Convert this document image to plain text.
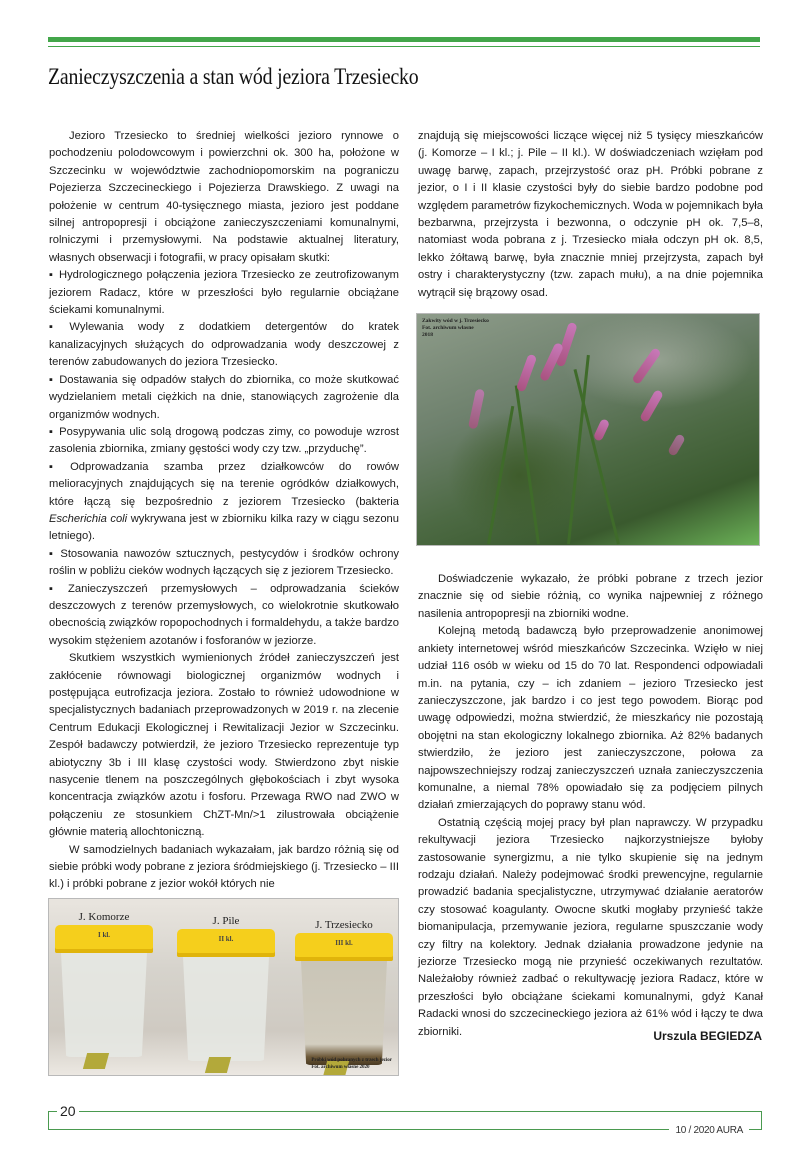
Zanieczyszczenia a stan wód jeziora Trzesiecko

Jezioro Trzesiecko to średniej wielkości jezioro rynnowe o pochodzeniu polodowcowym i powierzchni ok. 300 ha, położone w Szczecinku w województwie zachodniopomorskim na pograniczu Pojezierza Szczecineckiego i Pojezierza Drawskiego. Z uwagi na położenie w centrum 40-tysięcznego miasta, jezioro jest poddane silnej antropopresji i obciążone zanieczyszczeniami komunalnymi, rolniczymi i przemysłowymi. Na podstawie aktualnej literatury, własnych obserwacji i fotografii, w pracy opisałam skutki:

▪ Hydrologicznego połączenia jeziora Trzesiecko ze zeutrofizowanym jeziorem Radacz, które w przeszłości było regularnie obciążane ściekami komunalnymi.

▪ Wylewania wody z dodatkiem detergentów do kratek kanalizacyjnych służących do odprowadzania wody deszczowej z terenów zabudowanych do jeziora Trzesiecko.

▪ Dostawania się odpadów stałych do zbiornika, co może skutkować wydzielaniem metali ciężkich na dnie, stanowiących zagrożenie dla organizmów wodnych.

▪ Posypywania ulic solą drogową podczas zimy, co powoduje wzrost zasolenia zbiornika, zmiany gęstości wody czy tzw. „przyduchę”.

▪ Odprowadzania szamba przez działkowców do rowów melioracyjnych znajdujących się na terenie ogródków działkowych, które łączą się bezpośrednio z jeziorem Trzesiecko (bakteria Escherichia coli wykrywana jest w zbiorniku kilka razy w ciągu sezonu letniego).

▪ Stosowania nawozów sztucznych, pestycydów i środków ochrony roślin w pobliżu cieków wodnych łączących się z jeziorem Trzesiecko.

▪ Zanieczyszczeń przemysłowych – odprowadzania ścieków deszczowych z terenów przemysłowych, co wielokrotnie skutkowało obecnością związków ropopochodnych i formaldehydu, a także bardzo wysokim stężeniem azotanów i fosforanów w jeziorze.

Skutkiem wszystkich wymienionych źródeł zanieczyszczeń jest zakłócenie równowagi biologicznej organizmów wodnych i postępująca eutrofizacja jeziora. Zostało to również udowodnione w specjalistycznych badaniach przeprowadzonych w 2019 r. na zlecenie Centrum Edukacji Ekologicznej i Rewitalizacji Jezior w Szczecinku. Zespół badawczy potwierdził, że jezioro Trzesiecko reprezentuje typ abiotyczny 3b i III klasę czystości wody. Stwierdzono zbyt niskie nasycenie tlenem na poszczególnych głębokościach i zbyt wysoka koncentracja związków azotu i fosforu. Przewaga RWO nad ZWO w połączeniu ze stosunkiem ChZT-Mn/>1 zilustrowała obciążenie głównie materią allochtoniczną.

W samodzielnych badaniach wykazałam, jak bardzo różnią się od siebie próbki wody pobrane z jeziora śródmiejskiego (j. Trzesiecko – III kl.) i próbki pobrane z jezior wokół których nie

znajdują się miejscowości liczące więcej niż 5 tysięcy mieszkańców (j. Komorze – I kl.; j. Pile – II kl.). W doświadczeniach wzięłam pod uwagę barwę, zapach, przejrzystość oraz pH. Próbki pobrane z jezior, o I i II klasie czystości były do siebie bardzo podobne pod względem parametrów fizykochemicznych. Woda w pojemnikach była bezbarwna, przejrzysta i bezwonna, o odczynie pH ok. 7,5–8, natomiast woda pobrana z j. Trzesiecko miała odczyn pH ok. 8,5, lekko żółtawą barwę, była znacznie mniej przejrzysta, zapach był ostry i charakterystyczny (tzw. zapach mułu), a na dnie pojemnika wytrącił się brązowy osad.

Doświadczenie wykazało, że próbki pobrane z trzech jezior znacznie się od siebie różnią, co wynika najpewniej z różnego nasilenia antropopresji na zbiorniki wodne.

Kolejną metodą badawczą było przeprowadzenie anonimowej ankiety internetowej wśród mieszkańców Szczecinka. Wzięło w niej udział 116 osób w wieku od 15 do 70 lat. Respondenci odpowiadali m.in. na pytania, czy – ich zdaniem – jezioro Trzesiecko jest zanieczyszczone, jak bardzo i co jest tego powodem. Biorąc pod uwagę odpowiedzi, można stwierdzić, że mieszkańcy nie pozostają obojętni na stan ekologiczny lokalnego zbiornika. Aż 82% badanych stwierdziło, że jezioro jest zanieczyszczone, połowa za najpowszechniejszy rodzaj zanieczyszczeń uznała zanieczyszczenia komunalne, a niemal 78% opowiadało się za podjęciem pilnych działań zmierzających do poprawy stanu wód.

Ostatnią częścią mojej pracy był plan naprawczy. W przypadku rekultywacji jeziora Trzesiecko najkorzystniejsze byłoby zastosowanie synergizmu, a nie tylko skupienie się na jednym rodzaju działań. Należy podejmować środki prewencyjne, regularnie prowadzić badania specjalistyczne, utrzymywać działanie aeratorów czy stosować koagulanty. Owocne skutki mogłaby przynieść także biomanipulacja, przemywanie jeziora, regularne spuszczanie wody czy filtry na kolektory. Jednak działania prowadzone jedynie na jeziorze Trzesiecko mogą nie przynieść oczekiwanych rezultatów. Należałoby również zadbać o rekultywację jeziora Radacz, które w przeszłości było obciążane ściekami komunalnymi, gdyż Kanał Radacki wnosi do szczecineckiego jeziora aż 61% wód i łączy te dwa zbiorniki.

Zakwity wód w j. Trzesiecko
Fot. archiwum własne
2018
J. Komorze
I kl.
J. Pile
II kl.
J. Trzesiecko
III kl.
Próbki wód pobranych z trzech jezior
Fot. archiwum własne 2020
Urszula BEGIEDZA
20
10 / 2020 AURA
